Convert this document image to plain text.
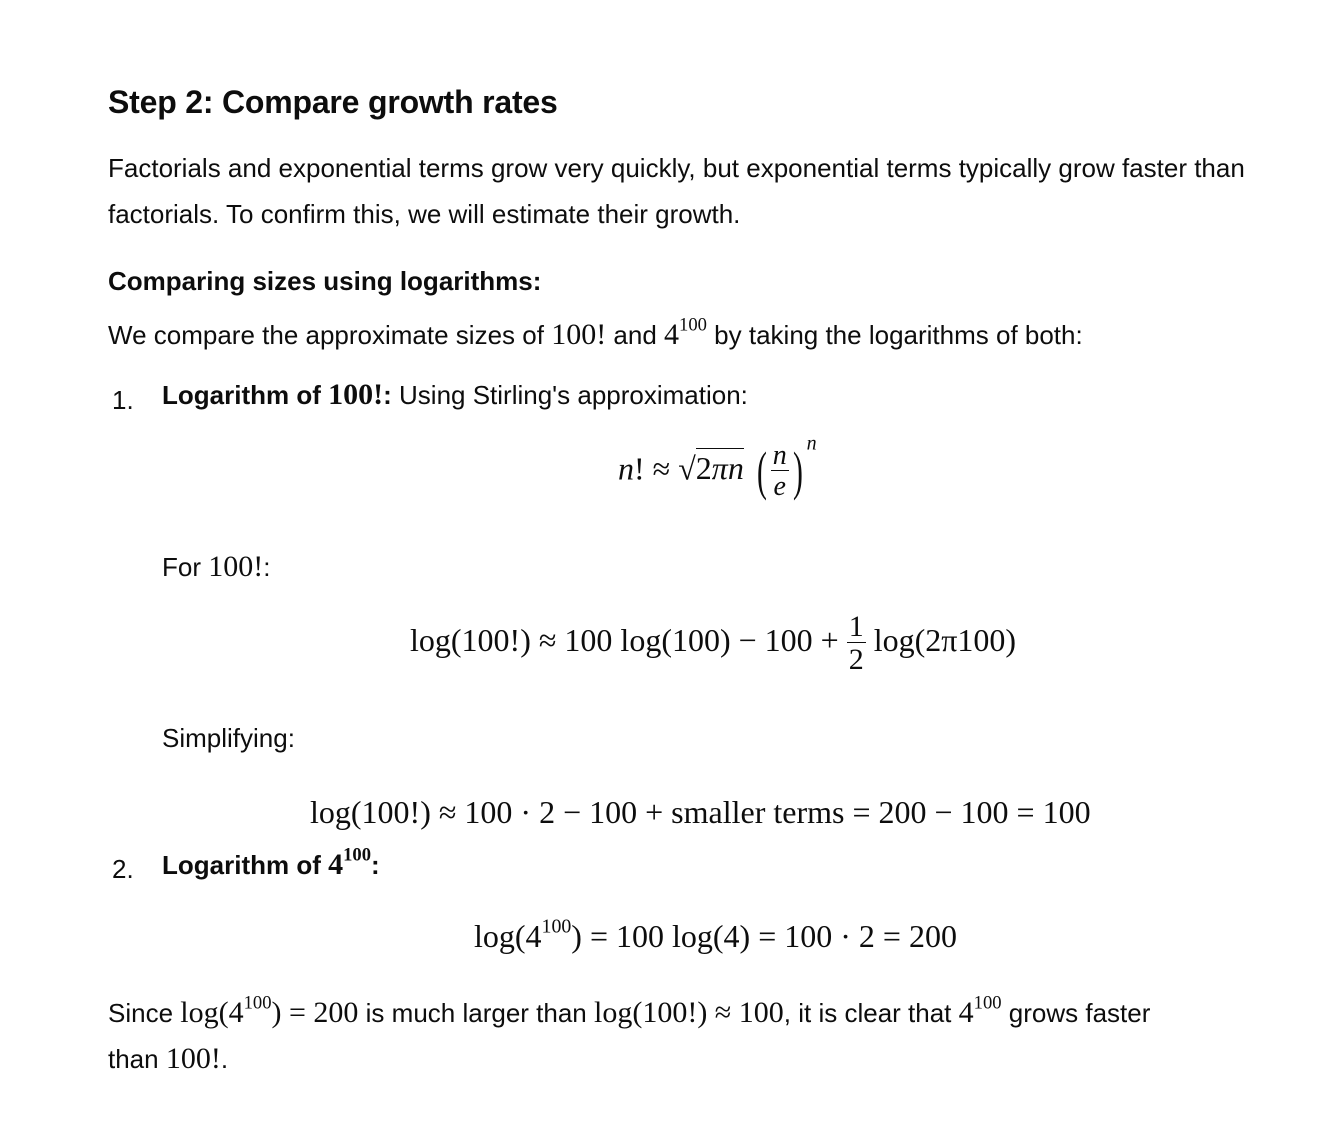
Step 2: Compare growth rates
Factorials and exponential terms grow very quickly, but exponential terms typically grow faster than factorials. To confirm this, we will estimate their growth.
Comparing sizes using logarithms:
We compare the approximate sizes of 100! and $4^{100}$ by taking the logarithms of both:
1. Logarithm of 100!: Using Stirling's approximation:
n! ≈ √2πn ( $\frac{n}{e}$ ) $^n$
For 100!:
log(100!) ≈ 100 $\log(100) - 100 + \frac{1}{2} \log(2\pi 100)$
Simplifying:
log(100!) ≈ 100 · 2 − 100 + smaller terms = 200 − 100 = 100
2. Logarithm of $4^{100}$:
$\log(4^{100}) = 100$ log(4) = 100 · 2 = 200
Since $\log(4^{100}) = 200$ is much larger than log(100!) ≈ 100, it is clear that $4^{100}$ grows faster
than 100!.
